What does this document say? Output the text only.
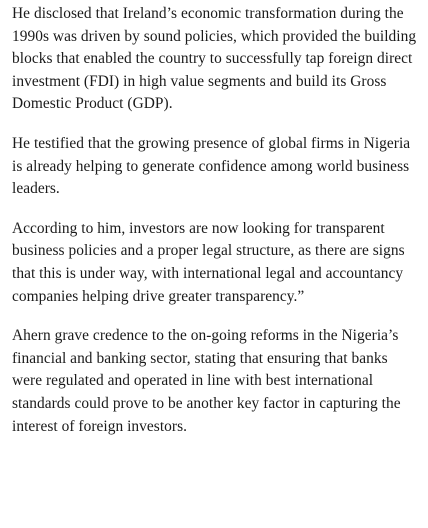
He disclosed that Ireland’s economic transformation during the 1990s was driven by sound policies, which provided the building blocks that enabled the country to successfully tap foreign direct investment (FDI) in high value segments and build its Gross Domestic Product (GDP).

He testified that the growing presence of global firms in Nigeria is already helping to generate confidence among world business leaders.

According to him, investors are now looking for transparent business policies and a proper legal structure, as there are signs that this is under way, with international legal and accountancy companies helping drive greater transparency.”

Ahern grave credence to the on-going reforms in the Nigeria’s financial and banking sector, stating that ensuring that banks were regulated and operated in line with best international standards could prove to be another key factor in capturing the interest of foreign investors.
